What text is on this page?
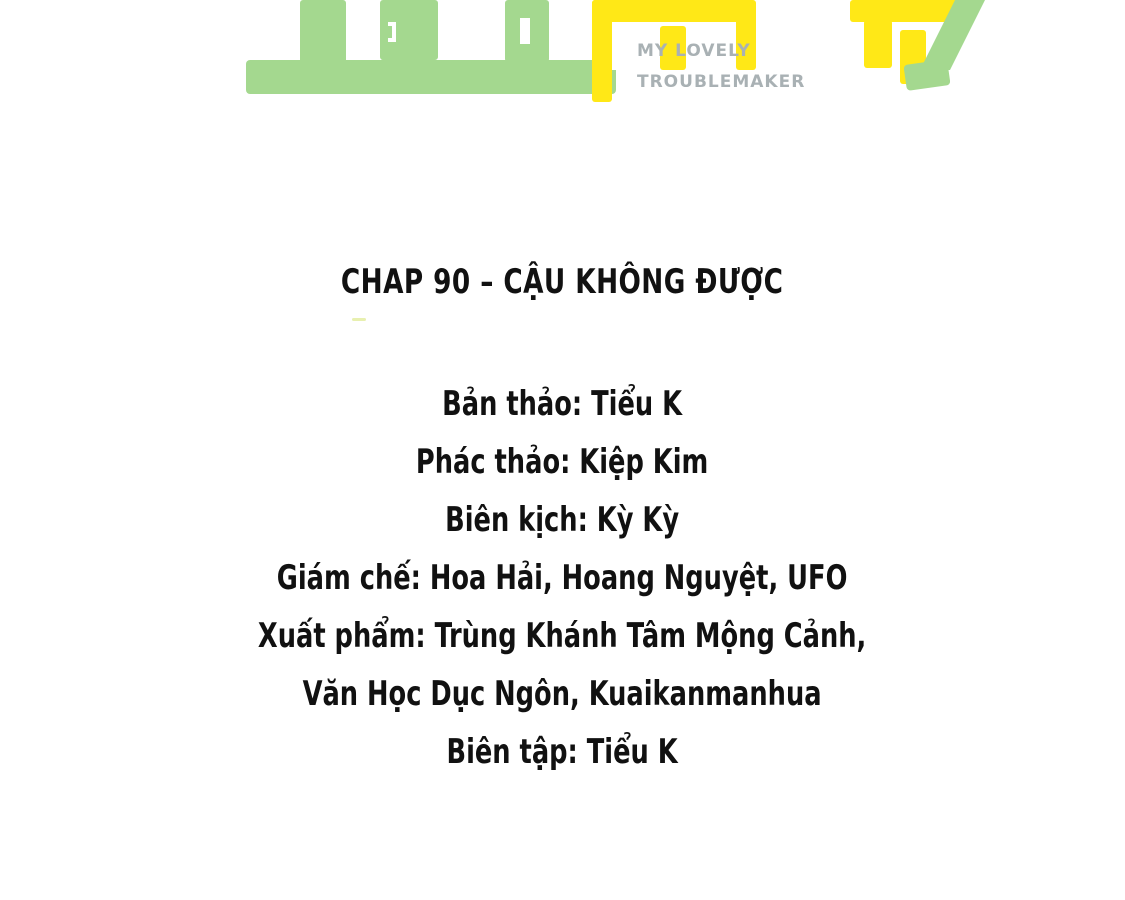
MY LOVELY
TROUBLEMAKER
CHAP 90 – CẬU KHÔNG ĐƯỢC
Bản thảo: Tiểu K
Phác thảo: Kiệp Kim
Biên kịch: Kỳ Kỳ
Giám chế: Hoa Hải, Hoang Nguyệt, UFO
Xuất phẩm: Trùng Khánh Tâm Mộng Cảnh,
Văn Học Dục Ngôn, Kuaikanmanhua
Biên tập: Tiểu K
